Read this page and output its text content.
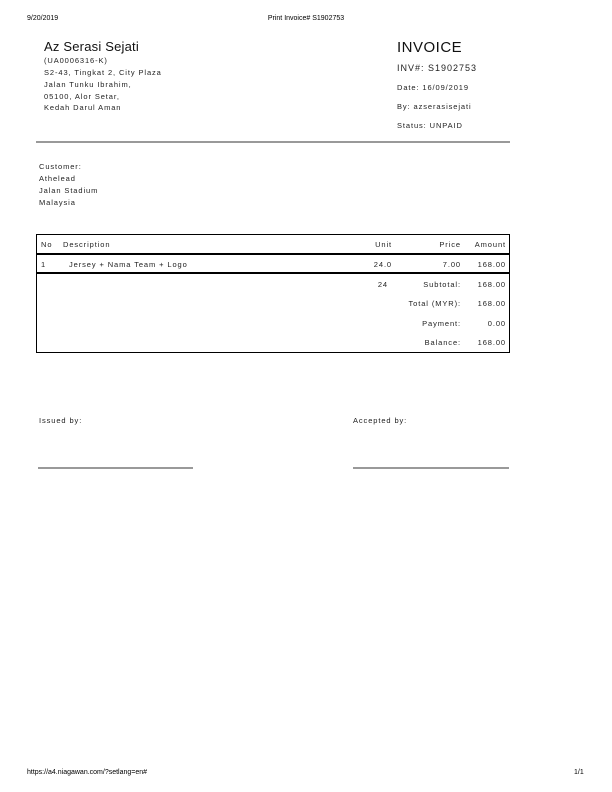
9/20/2019	Print Invoice# S1902753
Az Serasi Sejati
(UA0006316-K)
S2-43, Tingkat 2, City Plaza
Jalan Tunku Ibrahim,
05100, Alor Setar,
Kedah Darul Aman
INVOICE
INV#: S1902753
Date: 16/09/2019
By: azserasisejati
Status: UNPAID
Customer:
Athelead
Jalan Stadium
Malaysia
No Description	Unit	Price	Amount
1	Jersey + Nama Team + Logo	24.0	7.00	168.00
24	Subtotal:	168.00
Total (MYR):	168.00
Payment:	0.00
Balance:	168.00
Issued by:	Accepted by:
https://a4.niagawan.com/?setlang=en#	1/1
